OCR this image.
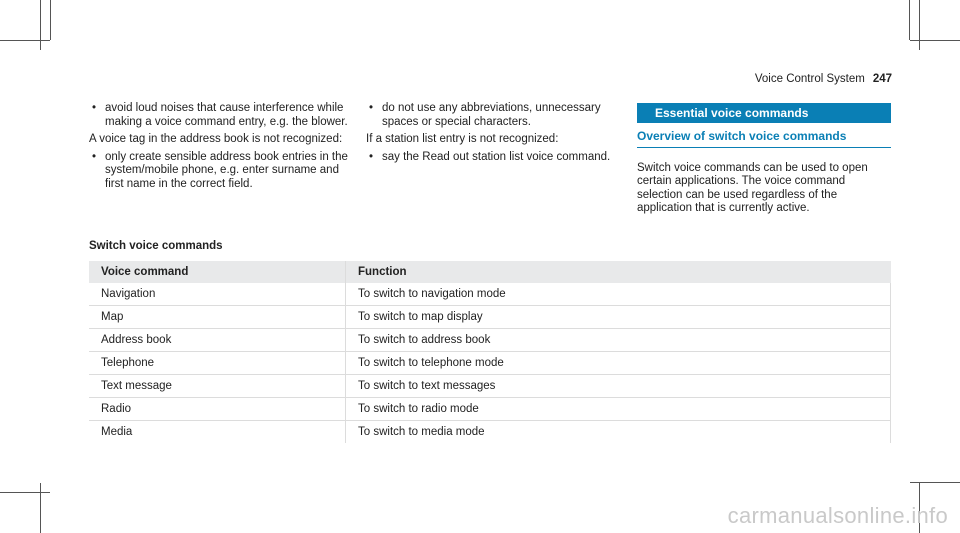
Voice Control System 247
• avoid loud noises that cause interference while making a voice command entry, e.g. the blower.

A voice tag in the address book is not recognized:

• only create sensible address book entries in the system/mobile phone, e.g. enter surname and first name in the correct field.
• do not use any abbreviations, unnecessary spaces or special characters.

If a station list entry is not recognized:

• say the Read out station list voice command.
Essential voice commands
Overview of switch voice commands

Switch voice commands can be used to open certain applications. The voice command selection can be used regardless of the application that is currently active.

Switch voice commands
Voice command	Function
Navigation	To switch to navigation mode
Map	To switch to map display
Address book	To switch to address book
Telephone	To switch to telephone mode
Text message	To switch to text messages
Radio	To switch to radio mode
Media	To switch to media mode
carmanualsonline.info
